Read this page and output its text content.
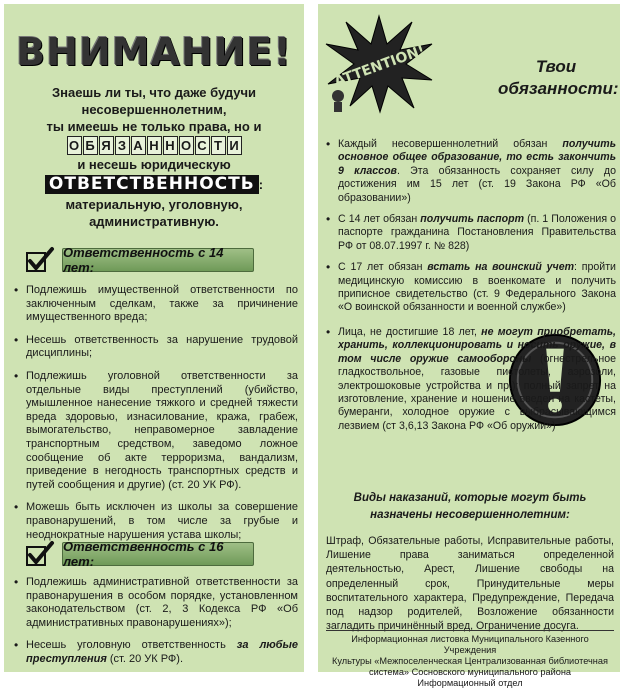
ВНИМАНИЕ!
Знаешь ли ты, что даже будучи
несовершеннолетним,
ты имеешь не только права, но и
О Б Я З А Н Н О С Т И
и несешь юридическую
ОТВЕТСТВЕННОСТЬ :
материальную, уголовную,
административную.
Ответственность с 14 лет:
• Подлежишь имущественной ответственности по заключенным сделкам, также за причинение имущественного вреда;
• Несешь ответственность за нарушение трудовой дисциплины;
• Подлежишь уголовной ответственности за отдельные виды преступлений (убийство, умышленное нанесение тяжкого и средней тяжести вреда здоровью, изнасилование, кража, грабеж, вымогательство, неправомерное завладение транспортным средством, заведомо ложное сообщение об акте терроризма, вандализм, приведение в негодность транспортных средств и путей сообщения и другие) (ст. 20 УК РФ).
• Можешь быть исключен из школы за совершение правонарушений, в том числе за грубые и неоднократные нарушения устава школы;
Ответственность с 16 лет:
• Подлежишь административной ответственности за правонарушения в особом порядке, установленном законодательством (ст. 2, 3 Кодекса РФ «Об административных правонарушениях»);
• Несешь уголовную ответственность за любые преступления (ст. 20 УК РФ).
ATTENTION!	Твои
обязанности:
• Каждый несовершеннолетний обязан получить основное общее образование, то есть закончить 9 классов. Эта обязанность сохраняет силу до достижения им 15 лет (ст. 19 Закона РФ «Об образовании»)
• С 14 лет обязан получить паспорт (п. 1 Положения о паспорте гражданина Постановления Правительства РФ от 08.07.1997 г. № 828)
• С 17 лет обязан встать на воинский учет: пройти медицинскую комиссию в военкомате и получить приписное свидетельство (ст. 9 Федерального Закона «О воинской обязанности и военной службе»)
• Лица, не достигшие 18 лет, не могут приобретать, хранить, коллекционировать и носить оружие, в том числе оружие самообороны (огнестрельное гладкоствольное, газовые пистолеты, аэрозоли, электрошоковые устройства и пр.); полный запрет на изготовление, хранение и ношение введен на кастеты, бумеранги, холодное оружие с выбрасывающимся лезвием (ст 3,6,13 Закона РФ «Об оружии»)
Виды наказаний, которые могут быть
назначены несовершеннолетним:
Штраф, Обязательные работы, Исправительные работы, Лишение права заниматься определенной деятельностью, Арест, Лишение свободы на определенный срок, Принудительные меры воспитательного характера, Предупреждение, Передача под надзор родителей, Возложение обязанности загладить причинённый вред, Ограничение досуга.
Информационная листовка Муниципального Казенного Учреждения
Культуры «Межпоселенческая Централизованная библиотечная
система» Сосновского муниципального района
Информационный отдел
